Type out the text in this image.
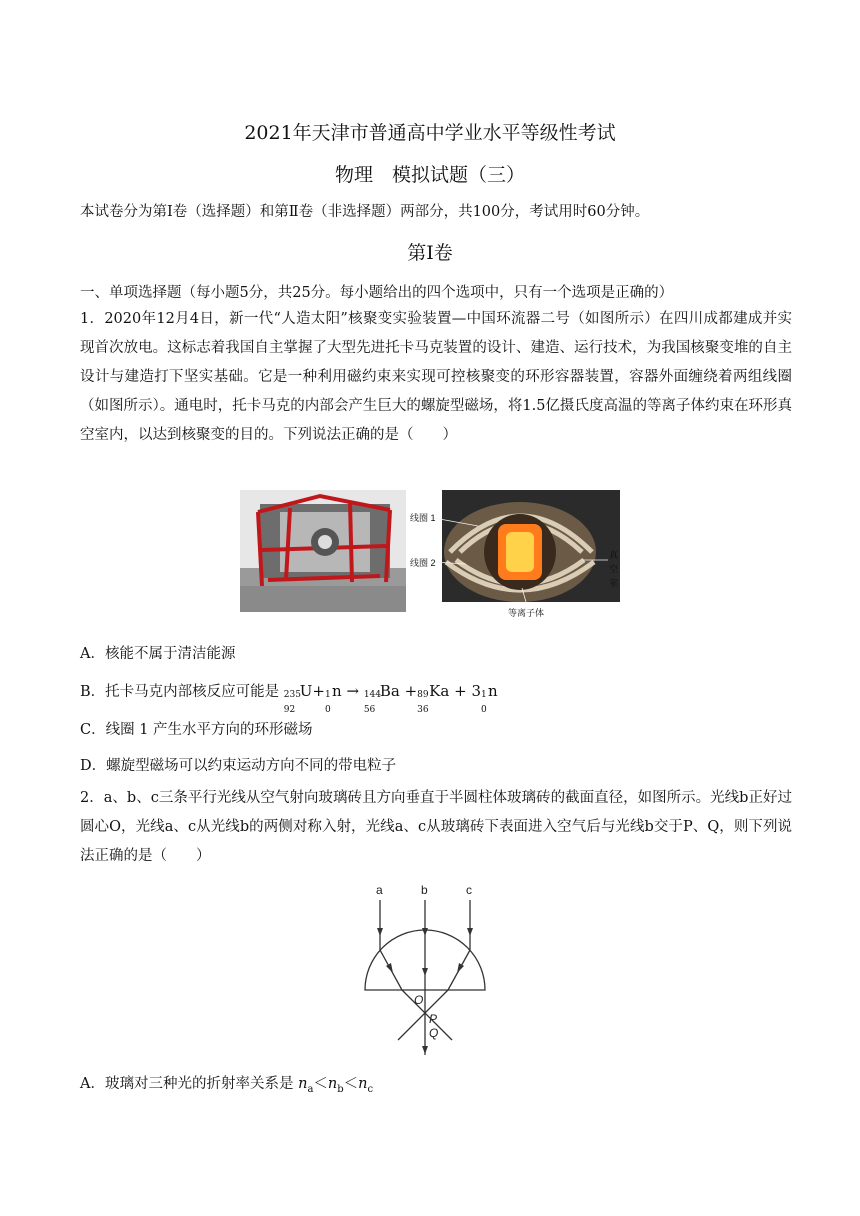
2021年天津市普通高中学业水平等级性考试
物理　模拟试题（三）
本试卷分为第Ⅰ卷（选择题）和第Ⅱ卷（非选择题）两部分，共100分，考试用时60分钟。
第Ⅰ卷
一、单项选择题（每小题5分，共25分。每小题给出的四个选项中，只有一个选项是正确的）
1．2020年12月4日，新一代“人造太阳”核聚变实验装置—中国环流器二号（如图所示）在四川成都建成并实现首次放电。这标志着我国自主掌握了大型先进托卡马克装置的设计、建造、运行技术，为我国核聚变堆的自主设计与建造打下坚实基础。它是一种利用磁约束来实现可控核聚变的环形容器装置，容器外面缠绕着两组线圈（如图所示）。通电时，托卡马克的内部会产生巨大的螺旋型磁场，将1.5亿摄氏度高温的等离子体约束在环形真空室内，以达到核聚变的目的。下列说法正确的是（　　）
线圈 1
线圈 2
真
空
室
等离子体
A．核能不属于清洁能源
B．托卡马克内部核反应可能是 235
92
U+ 1
0
n → 144
56
Ba + 89
36
Ka + 3 1
0
n
C．线圈 1 产生水平方向的环形磁场
D．螺旋型磁场可以约束运动方向不同的带电粒子
2．a、b、c三条平行光线从空气射向玻璃砖且方向垂直于半圆柱体玻璃砖的截面直径，如图所示。光线b正好过圆心O，光线a、c从光线b的两侧对称入射，光线a、c从玻璃砖下表面进入空气后与光线b交于P、Q，则下列说法正确的是（　　）
a	b	c
O
P
Q
A．玻璃对三种光的折射率关系是 $n_a<n_b<n_c$
